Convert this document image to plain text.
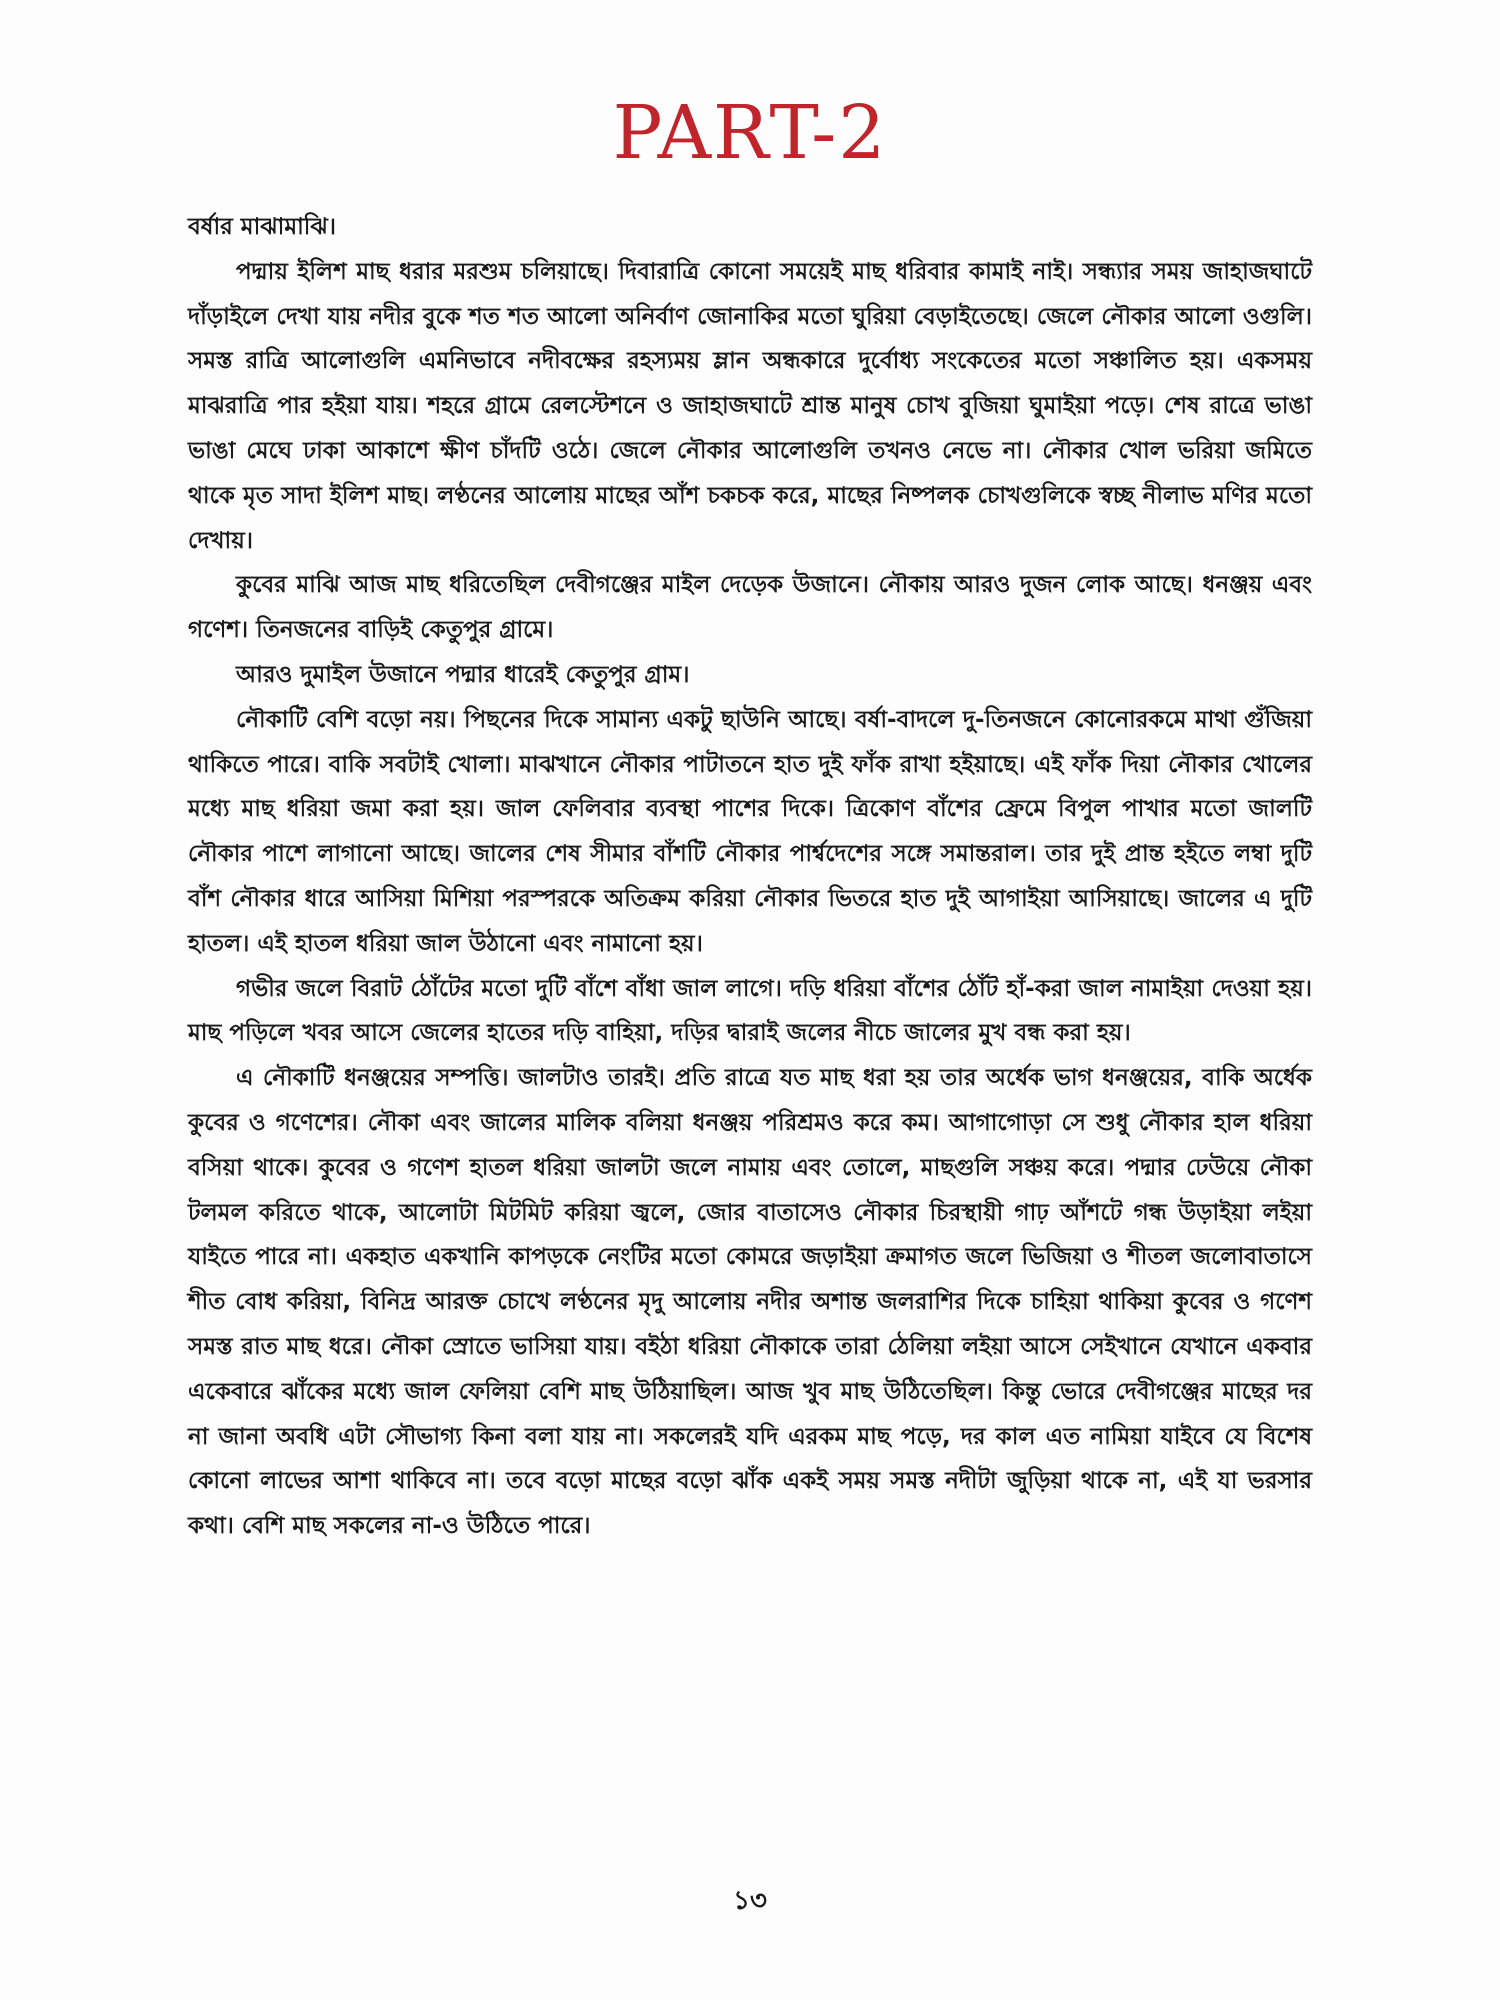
PART-2

বর্ষার মাঝামাঝি।

পদ্মায় ইলিশ মাছ ধরার মরশুম চলিয়াছে। দিবারাত্রি কোনো সময়েই মাছ ধরিবার কামাই নাই। সন্ধ্যার সময় জাহাজঘাটে দাঁড়াইলে দেখা যায় নদীর বুকে শত শত আলো অনির্বাণ জোনাকির মতো ঘুরিয়া বেড়াইতেছে। জেলে নৌকার আলো ওগুলি। সমস্ত রাত্রি আলোগুলি এমনিভাবে নদীবক্ষের রহস্যময় ম্লান অন্ধকারে দুর্বোধ্য সংকেতের মতো সঞ্চালিত হয়। একসময় মাঝরাত্রি পার হইয়া যায়। শহরে গ্রামে রেলস্টেশনে ও জাহাজঘাটে শ্রান্ত মানুষ চোখ বুজিয়া ঘুমাইয়া পড়ে। শেষ রাত্রে ভাঙা ভাঙা মেঘে ঢাকা আকাশে ক্ষীণ চাঁদটি ওঠে। জেলে নৌকার আলোগুলি তখনও নেভে না। নৌকার খোল ভরিয়া জমিতে থাকে মৃত সাদা ইলিশ মাছ। লণ্ঠনের আলোয় মাছের আঁশ চকচক করে, মাছের নিষ্পলক চোখগুলিকে স্বচ্ছ নীলাভ মণির মতো দেখায়।

কুবের মাঝি আজ মাছ ধরিতেছিল দেবীগঞ্জের মাইল দেড়েক উজানে। নৌকায় আরও দুজন লোক আছে। ধনঞ্জয় এবং গণেশ। তিনজনের বাড়িই কেতুপুর গ্রামে।

আরও দুমাইল উজানে পদ্মার ধারেই কেতুপুর গ্রাম।

নৌকাটি বেশি বড়ো নয়। পিছনের দিকে সামান্য একটু ছাউনি আছে। বর্ষা-বাদলে দু-তিনজনে কোনোরকমে মাথা গুঁজিয়া থাকিতে পারে। বাকি সবটাই খোলা। মাঝখানে নৌকার পাটাতনে হাত দুই ফাঁক রাখা হইয়াছে। এই ফাঁক দিয়া নৌকার খোলের মধ্যে মাছ ধরিয়া জমা করা হয়। জাল ফেলিবার ব্যবস্থা পাশের দিকে। ত্রিকোণ বাঁশের ফ্রেমে বিপুল পাখার মতো জালটি নৌকার পাশে লাগানো আছে। জালের শেষ সীমার বাঁশটি নৌকার পার্শ্বদেশের সঙ্গে সমান্তরাল। তার দুই প্রান্ত হইতে লম্বা দুটি বাঁশ নৌকার ধারে আসিয়া মিশিয়া পরস্পরকে অতিক্রম করিয়া নৌকার ভিতরে হাত দুই আগাইয়া আসিয়াছে। জালের এ দুটি হাতল। এই হাতল ধরিয়া জাল উঠানো এবং নামানো হয়।

গভীর জলে বিরাট ঠোঁটের মতো দুটি বাঁশে বাঁধা জাল লাগে। দড়ি ধরিয়া বাঁশের ঠোঁট হাঁ-করা জাল নামাইয়া দেওয়া হয়। মাছ পড়িলে খবর আসে জেলের হাতের দড়ি বাহিয়া, দড়ির দ্বারাই জলের নীচে জালের মুখ বন্ধ করা হয়।

এ নৌকাটি ধনঞ্জয়ের সম্পত্তি। জালটাও তারই। প্রতি রাত্রে যত মাছ ধরা হয় তার অর্ধেক ভাগ ধনঞ্জয়ের, বাকি অর্ধেক কুবের ও গণেশের। নৌকা এবং জালের মালিক বলিয়া ধনঞ্জয় পরিশ্রমও করে কম। আগাগোড়া সে শুধু নৌকার হাল ধরিয়া বসিয়া থাকে। কুবের ও গণেশ হাতল ধরিয়া জালটা জলে নামায় এবং তোলে, মাছগুলি সঞ্চয় করে। পদ্মার ঢেউয়ে নৌকা টলমল করিতে থাকে, আলোটা মিটমিট করিয়া জ্বলে, জোর বাতাসেও নৌকার চিরস্থায়ী গাঢ় আঁশটে গন্ধ উড়াইয়া লইয়া যাইতে পারে না। একহাত একখানি কাপড়কে নেংটির মতো কোমরে জড়াইয়া ক্রমাগত জলে ভিজিয়া ও শীতল জলোবাতাসে শীত বোধ করিয়া, বিনিদ্র আরক্ত চোখে লণ্ঠনের মৃদু আলোয় নদীর অশান্ত জলরাশির দিকে চাহিয়া থাকিয়া কুবের ও গণেশ সমস্ত রাত মাছ ধরে। নৌকা স্রোতে ভাসিয়া যায়। বইঠা ধরিয়া নৌকাকে তারা ঠেলিয়া লইয়া আসে সেইখানে যেখানে একবার একেবারে ঝাঁকের মধ্যে জাল ফেলিয়া বেশি মাছ উঠিয়াছিল। আজ খুব মাছ উঠিতেছিল। কিন্তু ভোরে দেবীগঞ্জের মাছের দর না জানা অবধি এটা সৌভাগ্য কিনা বলা যায় না। সকলেরই যদি এরকম মাছ পড়ে, দর কাল এত নামিয়া যাইবে যে বিশেষ কোনো লাভের আশা থাকিবে না। তবে বড়ো মাছের বড়ো ঝাঁক একই সময় সমস্ত নদীটা জুড়িয়া থাকে না, এই যা ভরসার কথা। বেশি মাছ সকলের না-ও উঠিতে পারে।

১৩
